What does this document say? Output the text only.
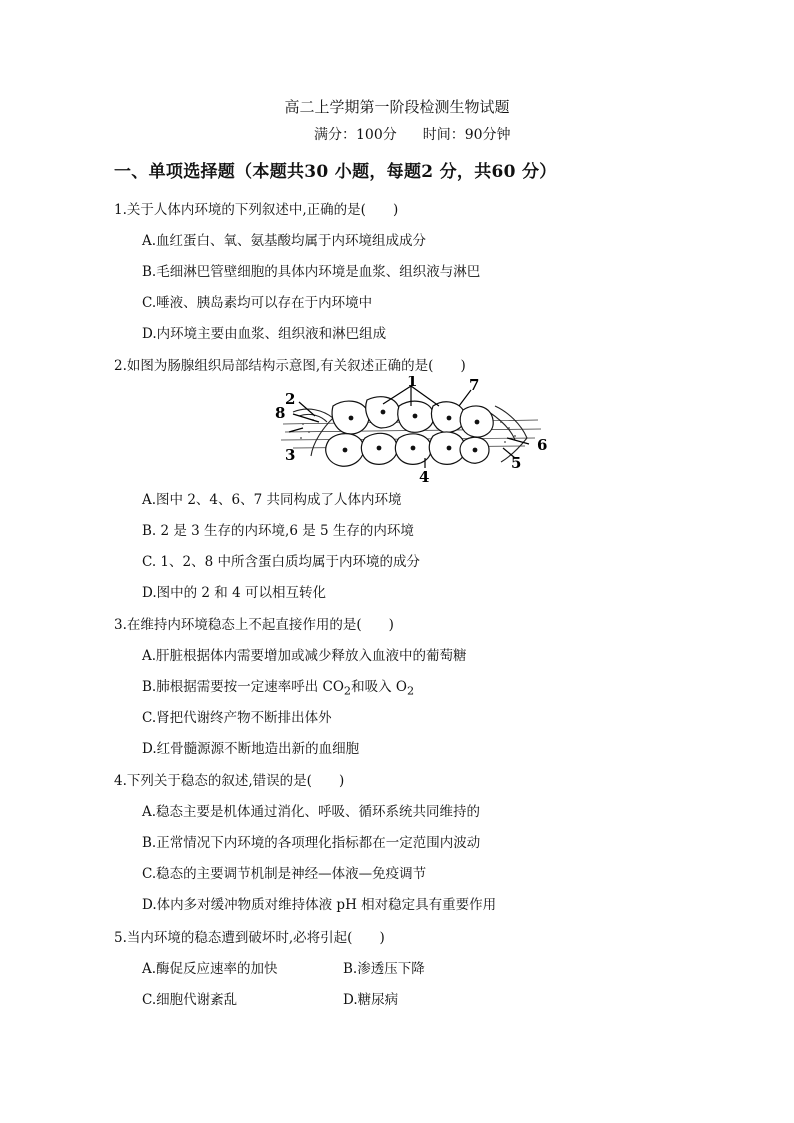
高二上学期第一阶段检测生物试题
满分：100分 时间：90分钟
一、单项选择题（本题共30 小题，每题2 分，共60 分）
1.关于人体内环境的下列叙述中,正确的是(　　)
A.血红蛋白、氧、氨基酸均属于内环境组成成分
B.毛细淋巴管壁细胞的具体内环境是血浆、组织液与淋巴
C.唾液、胰岛素均可以存在于内环境中
D.内环境主要由血浆、组织液和淋巴组成
2.如图为肠腺组织局部结构示意图,有关叙述正确的是(　　)
1
2
3
4
5
6
7
8
A.图中 2、4、6、7 共同构成了人体内环境
B. 2 是 3 生存的内环境,6 是 5 生存的内环境
C. 1、2、8 中所含蛋白质均属于内环境的成分
D.图中的 2 和 4 可以相互转化
3.在维持内环境稳态上不起直接作用的是(　　)
A.肝脏根据体内需要增加或减少释放入血液中的葡萄糖
B.肺根据需要按一定速率呼出 $CO_2$和吸入 $O_2$
C.肾把代谢终产物不断排出体外
D.红骨髓源源不断地造出新的血细胞
4.下列关于稳态的叙述,错误的是(　　)
A.稳态主要是机体通过消化、呼吸、循环系统共同维持的
B.正常情况下内环境的各项理化指标都在一定范围内波动
C.稳态的主要调节机制是神经—体液—免疫调节
D.体内多对缓冲物质对维持体液 pH 相对稳定具有重要作用
5.当内环境的稳态遭到破坏时,必将引起(　　)
A.酶促反应速率的加快	B.渗透压下降
C.细胞代谢紊乱	D.糖尿病
